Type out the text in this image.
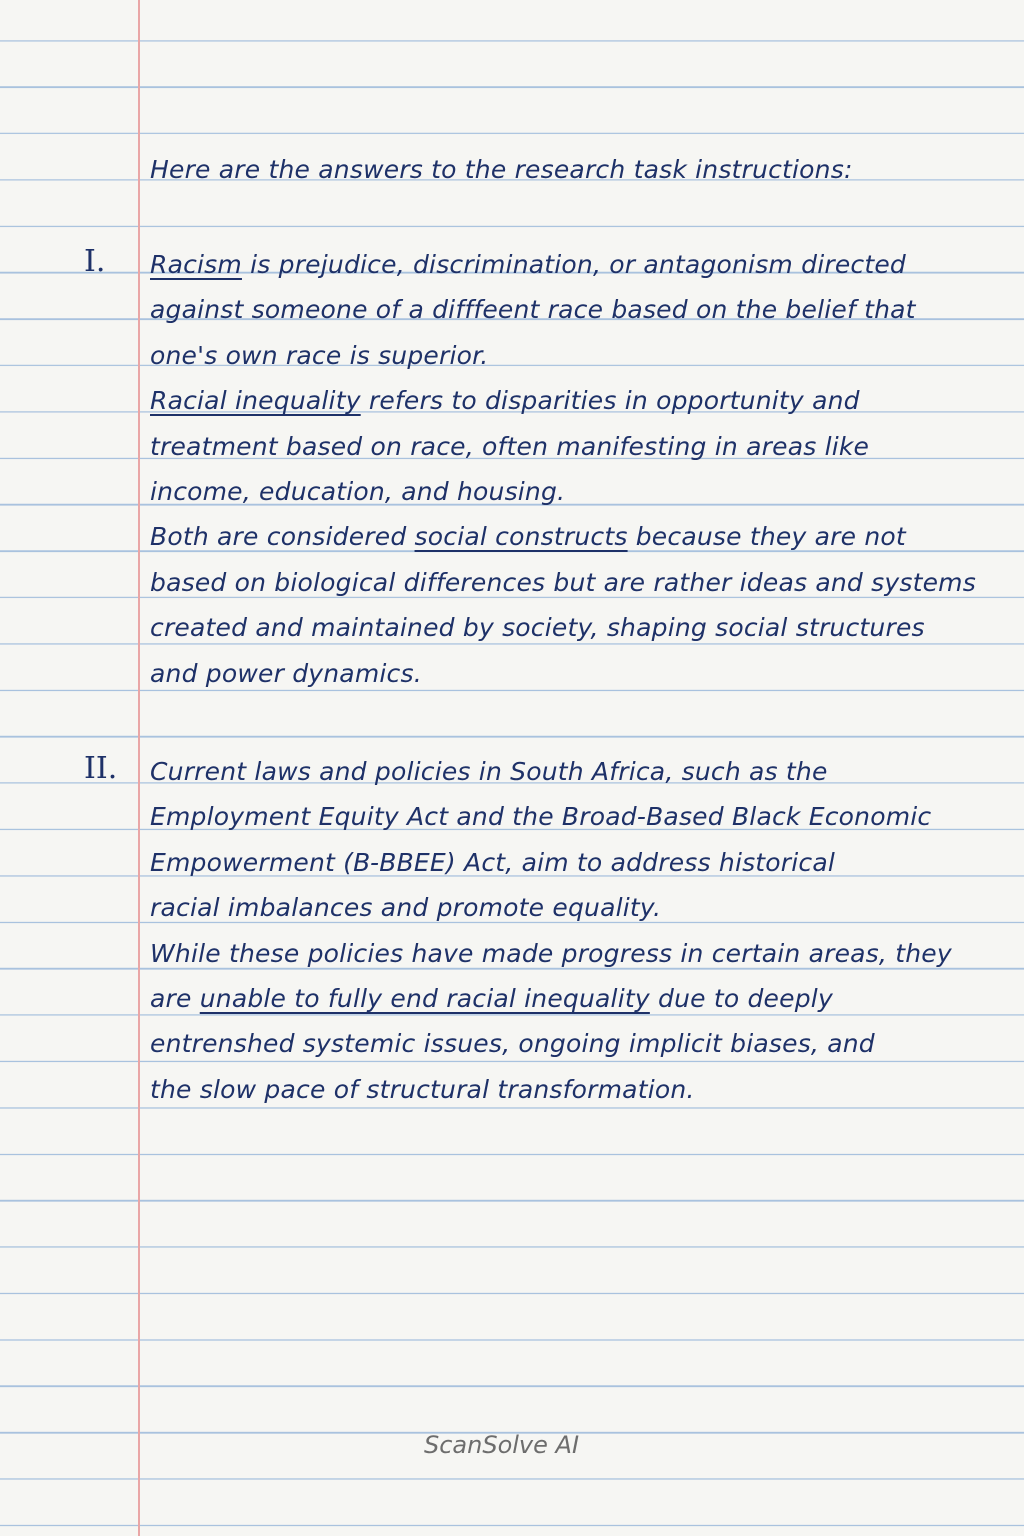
Here are the answers to the research task instructions:
I. Racism is prejudice, discrimination, or antagonism directed
against someone of a difffeent race based on the belief that
one's own race is superior.
Racial inequality refers to disparities in opportunity and
treatment based on race, often manifesting in areas like
income, education, and housing.
Both are considered social constructs because they are not
based on biological differences but are rather ideas and systems
created and maintained by society, shaping social structures
and power dynamics.
II. Current laws and policies in South Africa, such as the
Employment Equity Act and the Broad-Based Black Economic
Empowerment (B-BBEE) Act, aim to address historical
racial imbalances and promote equality.
While these policies have made progress in certain areas, they
are unable to fully end racial inequality due to deeply
entrenshed systemic issues, ongoing implicit biases, and
the slow pace of structural transformation.
ScanSolve AI
